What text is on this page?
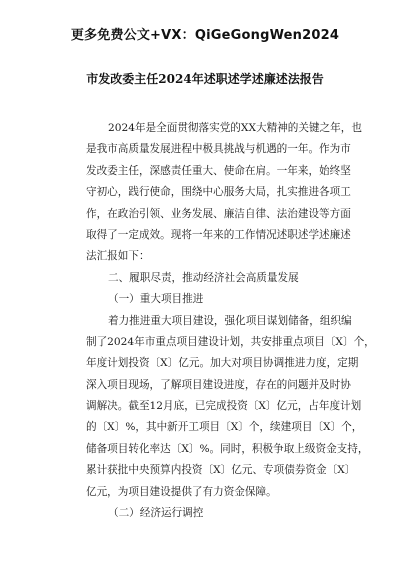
更多免费公文+VX：QiGeGongWen2024
市发改委主任2024年述职述学述廉述法报告
2024年是全面贯彻落实党的XX大精神的关键之年，也
是我市高质量发展进程中极具挑战与机遇的一年。作为市
发改委主任，深感责任重大、使命在肩。一年来，始终坚
守初心，践行使命，围绕中心服务大局，扎实推进各项工
作，在政治引领、业务发展、廉洁自律、法治建设等方面
取得了一定成效。现将一年来的工作情况述职述学述廉述
法汇报如下：
二、履职尽责，推动经济社会高质量发展
（一）重大项目推进
着力推进重大项目建设，强化项目谋划储备，组织编
制了2024年市重点项目建设计划，共安排重点项目〔X〕个，
年度计划投资〔X〕亿元。加大对项目协调推进力度，定期
深入项目现场，了解项目建设进度，存在的问题并及时协
调解决。截至12月底，已完成投资〔X〕亿元，占年度计划
的〔X〕%，其中新开工项目〔X〕个，续建项目〔X〕个，
储备项目转化率达〔X〕%。同时，积极争取上级资金支持，
累计获批中央预算内投资〔X〕亿元、专项债券资金〔X〕
亿元，为项目建设提供了有力资金保障。
（二）经济运行调控
